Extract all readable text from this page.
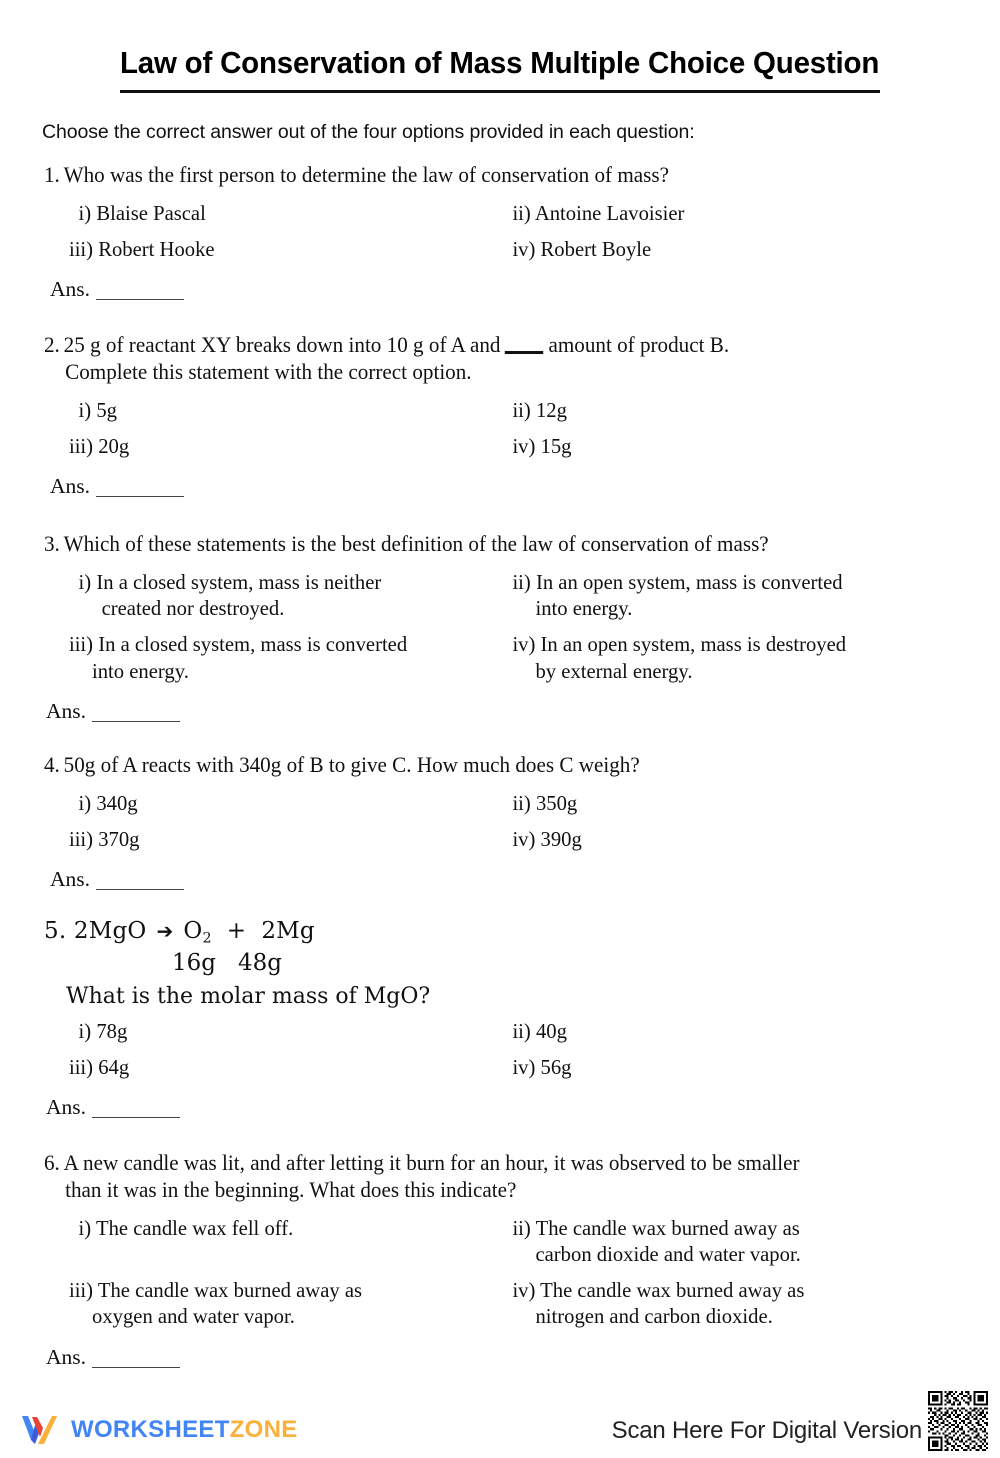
Law of Conservation of Mass Multiple Choice Question
Choose the correct answer out of the four options provided in each question:
1. Who was the first person to determine the law of conservation of mass?
i) Blaise Pascal	ii) Antoine Lavoisier
iii) Robert Hooke	iv) Robert Boyle
Ans.
2. 25 g of reactant XY breaks down into 10 g of A and amount of product B.
Complete this statement with the correct option.
i) 5g	ii) 12g
iii) 20g	iv) 15g
Ans.
3. Which of these statements is the best definition of the law of conservation of mass?
i) In a closed system, mass is neither
created nor destroyed.
ii) In an open system, mass is converted
into energy.
iii) In a closed system, mass is converted
into energy.
iv) In an open system, mass is destroyed
by external energy.
Ans.
4. 50g of A reacts with 340g of B to give C. How much does C weigh?
i) 340g	ii) 350g
iii) 370g	iv) 390g
Ans.
5. 2MgO ➔ $O_2 + 2Mg$
16g 48g
What is the molar mass of MgO?
i) 78g	ii) 40g
iii) 64g	iv) 56g
Ans.
6. A new candle was lit, and after letting it burn for an hour, it was observed to be smaller
than it was in the beginning. What does this indicate?
i) The candle wax fell off.	ii) The candle wax burned away as
carbon dioxide and water vapor.
iii) The candle wax burned away as
oxygen and water vapor.
iv) The candle wax burned away as
nitrogen and carbon dioxide.
Ans.
WORKSHEETZONE	Scan Here For Digital Version
